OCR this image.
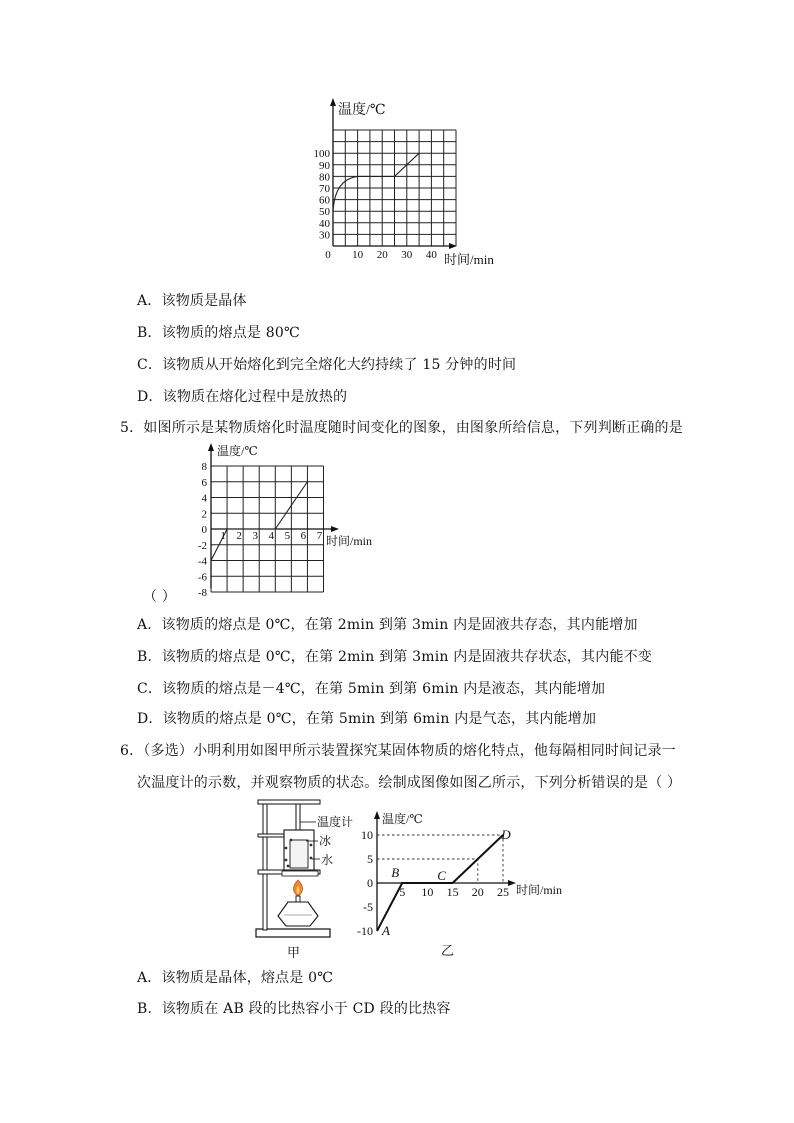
100
90
80
70
60
50
40
30
0 10 20 30 40
温度/℃
时间/min
A．该物质是晶体
B．该物质的熔点是 80℃
C．该物质从开始熔化到完全熔化大约持续了 15 分钟的时间
D．该物质在熔化过程中是放热的
5．如图所示是某物质熔化时温度随时间变化的图象，由图象所给信息，下列判断正确的是
8
6
4
2
0
-2
-4
-6
-8
1 2 3 4 5 6 7
温度/℃
时间/min
（ ）
A．该物质的熔点是 0℃，在第 2min 到第 3min 内是固液共存态，其内能增加
B．该物质的熔点是 0℃，在第 2min 到第 3min 内是固液共存状态，其内能不变
C．该物质的熔点是－4℃，在第 5min 到第 6min 内是液态，其内能增加
D．该物质的熔点是 0℃，在第 5min 到第 6min 内是气态，其内能增加
6．（多选）小明利用如图甲所示装置探究某固体物质的熔化特点，他每隔相同时间记录一
次温度计的示数，并观察物质的状态。绘制成图像如图乙所示，下列分析错误的是（ ）
温度计
冰
水
甲
10
5
0
-5
-10
5 10 15 20 25
A
B	C
D
温度/℃
时间/min
乙
A．该物质是晶体，熔点是 0℃
B．该物质在 AB 段的比热容小于 CD 段的比热容
